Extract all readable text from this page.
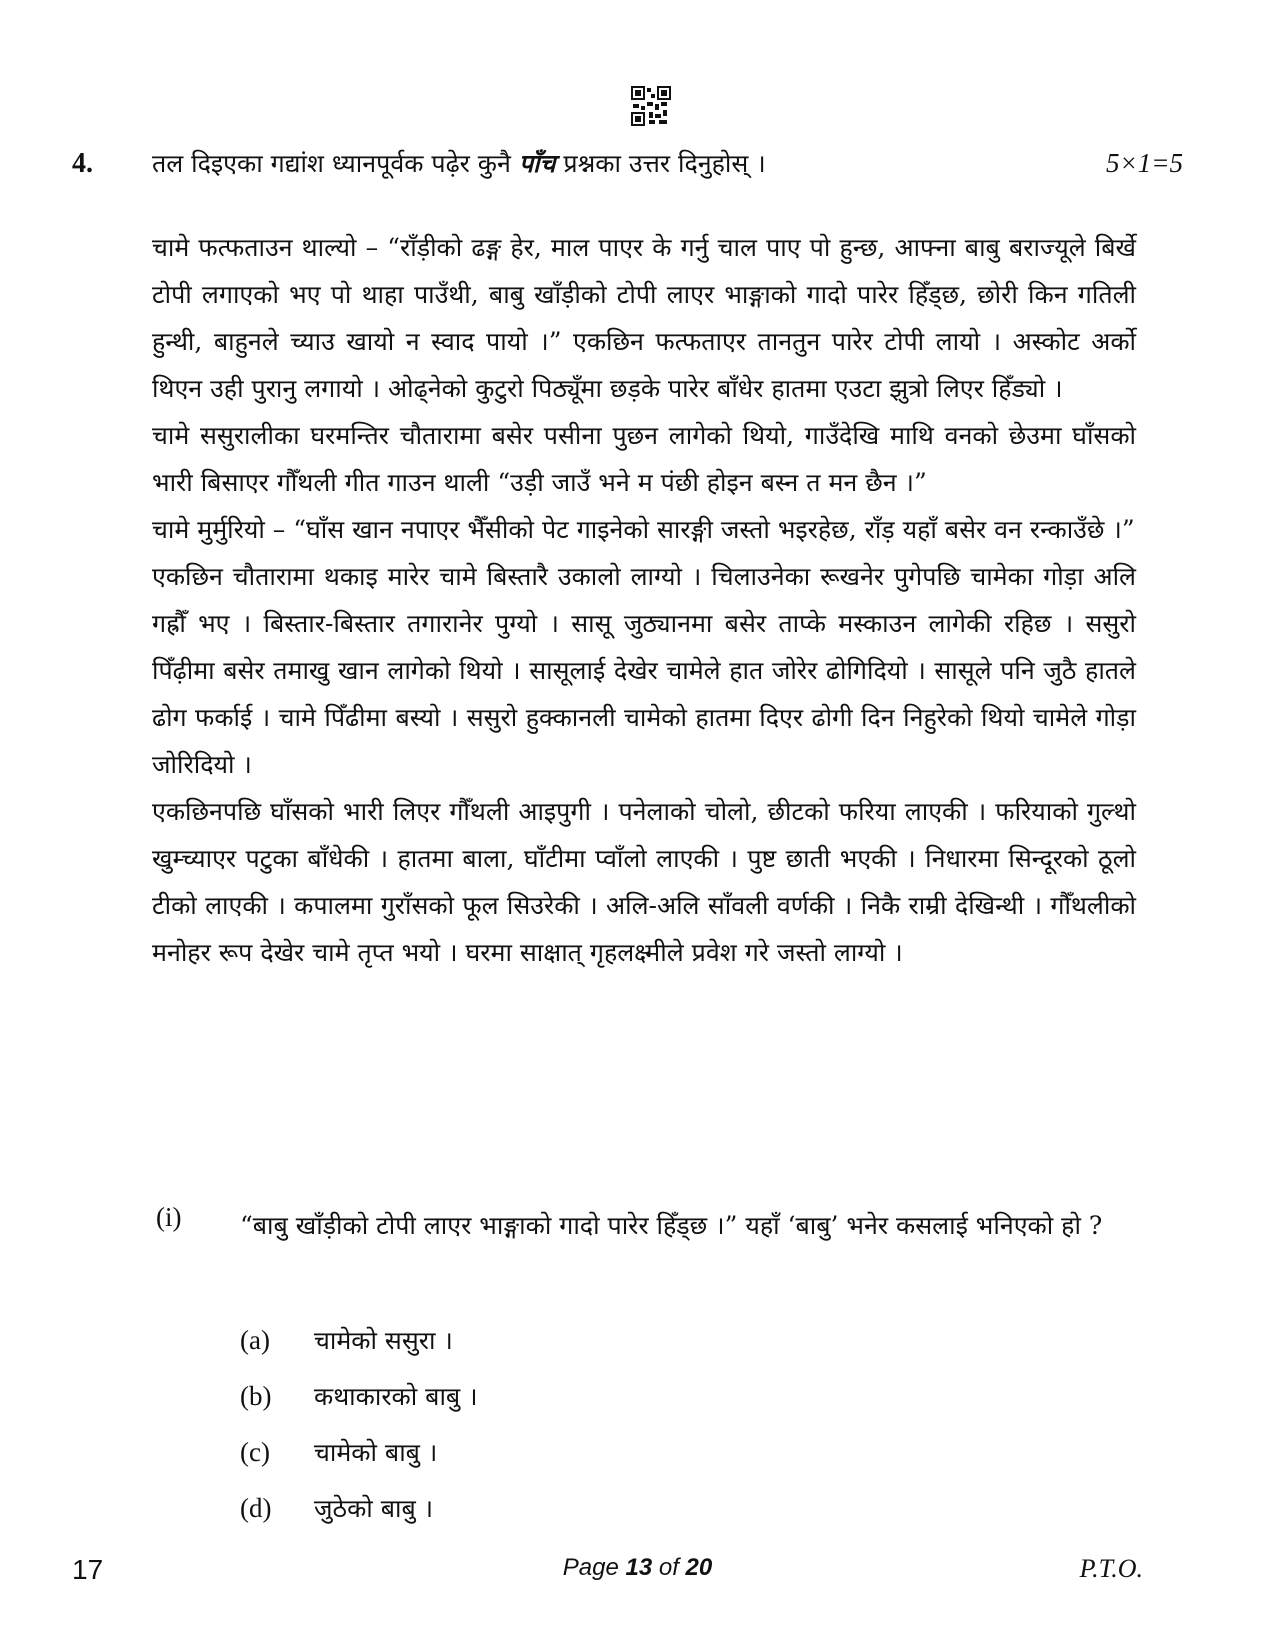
4. तल दिइएका गद्यांश ध्यानपूर्वक पढ़ेर कुनै पाँच प्रश्नका उत्तर दिनुहोस् ।	5×1=5

चामे फत्फताउन थाल्यो – “राँड़ीको ढङ्ग हेर, माल पाएर के गर्नु चाल पाए पो हुन्छ, आफ्ना बाबु बराज्यूले बिर्खे टोपी लगाएको भए पो थाहा पाउँथी, बाबु खाँड़ीको टोपी लाएर भाङ्गाको गादो पारेर हिँड्छ, छोरी किन गतिली हुन्थी, बाहुनले च्याउ खायो न स्वाद पायो ।” एकछिन फत्फताएर तानतुन पारेर टोपी लायो । अस्कोट अर्को थिएन उही पुरानु लगायो । ओढ्नेको कुटुरो पिठ्यूँमा छड़के पारेर बाँधेर हातमा एउटा झुत्रो लिएर हिँड्यो ।

चामे ससुरालीका घरमन्तिर चौतारामा बसेर पसीना पुछन लागेको थियो, गाउँदेखि माथि वनको छेउमा घाँसको भारी बिसाएर गौँथली गीत गाउन थाली “उड़ी जाउँ भने म पंछी होइन बस्न त मन छैन ।”

चामे मुर्मुरियो – “घाँस खान नपाएर भैँसीको पेट गाइनेको सारङ्गी जस्तो भइरहेछ, राँड़ यहाँ बसेर वन रन्काउँछे ।”

एकछिन चौतारामा थकाइ मारेर चामे बिस्तारै उकालो लाग्यो । चिलाउनेका रूखनेर पुगेपछि चामेका गोड़ा अलि गह्रौँ भए । बिस्तार-बिस्तार तगारानेर पुग्यो । सासू जुठ्यानमा बसेर ताप्के मस्काउन लागेकी रहिछ । ससुरो पिँढ़ीमा बसेर तमाखु खान लागेको थियो । सासूलाई देखेर चामेले हात जोरेर ढोगिदियो । सासूले पनि जुठै हातले ढोग फर्काई । चामे पिँढीमा बस्यो । ससुरो हुक्कानली चामेको हातमा दिएर ढोगी दिन निहुरेको थियो चामेले गोड़ा जोरिदियो ।

एकछिनपछि घाँसको भारी लिएर गौँथली आइपुगी । पनेलाको चोलो, छीटको फरिया लाएकी । फरियाको गुल्थो खुम्च्याएर पटुका बाँधेकी । हातमा बाला, घाँटीमा प्वाँलो लाएकी । पुष्ट छाती भएकी । निधारमा सिन्दूरको ठूलो टीको लाएकी । कपालमा गुराँसको फूल सिउरेकी । अलि-अलि साँवली वर्णकी । निकै राम्री देखिन्थी । गौँथलीको मनोहर रूप देखेर चामे तृप्त भयो । घरमा साक्षात् गृहलक्ष्मीले प्रवेश गरे जस्तो लाग्यो ।

(i) “बाबु खाँड़ीको टोपी लाएर भाङ्गाको गादो पारेर हिँड्छ ।” यहाँ ‘बाबु’ भनेर कसलाई भनिएको हो ?
(a)	चामेको ससुरा ।
(b)	कथाकारको बाबु ।
(c)	चामेको बाबु ।
(d)	जुठेको बाबु ।
17	Page 13 of 20	P.T.O.
